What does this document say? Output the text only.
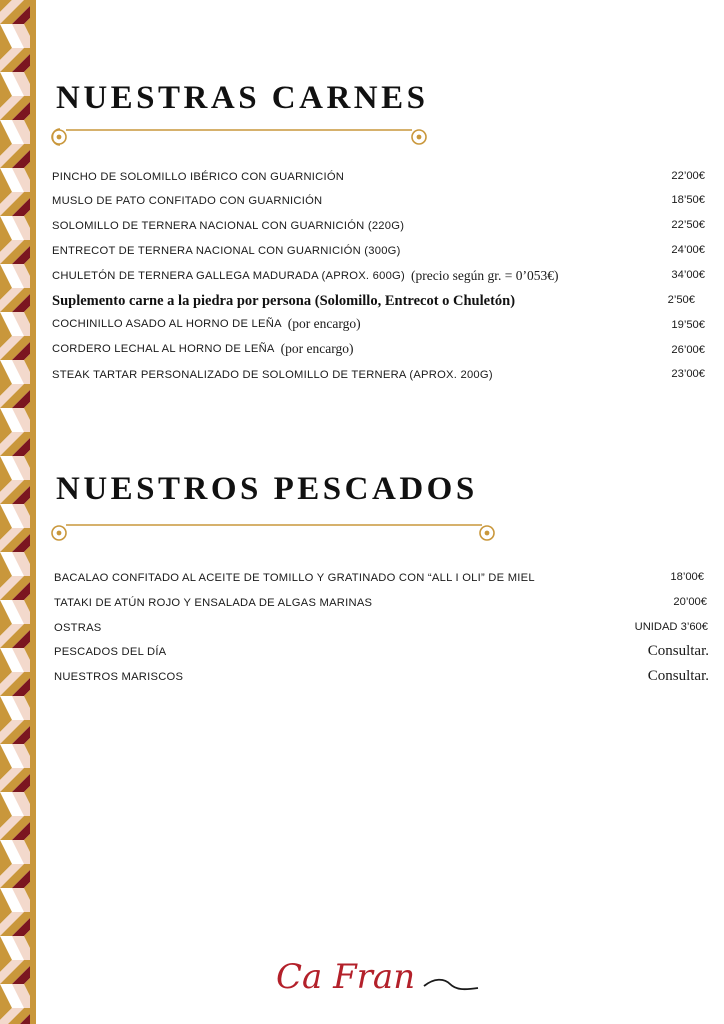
NUESTRAS CARNES
PINCHO DE SOLOMILLO IBÉRICO CON GUARNICIÓN	22’00€
MUSLO DE PATO CONFITADO CON GUARNICIÓN	18’50€
SOLOMILLO DE TERNERA NACIONAL CON GUARNICIÓN (220G)	22’50€
ENTRECOT DE TERNERA NACIONAL CON GUARNICIÓN (300G)	24’00€
CHULETÓN DE TERNERA GALLEGA MADURADA (APROX. 600G) (precio según gr. = 0’053€)	34’00€
Suplemento carne a la piedra por persona (Solomillo, Entrecot o Chuletón)	2’50€
COCHINILLO ASADO AL HORNO DE LEÑA (por encargo)	19’50€
CORDERO LECHAL AL HORNO DE LEÑA (por encargo)	26’00€
STEAK TARTAR PERSONALIZADO DE SOLOMILLO DE TERNERA (APROX. 200G)	23’00€
NUESTROS PESCADOS
BACALAO CONFITADO AL ACEITE DE TOMILLO Y GRATINADO CON “ALL I OLI” DE MIEL	18’00€
TATAKI DE ATÚN ROJO Y ENSALADA DE ALGAS MARINAS	20’00€
OSTRAS	UNIDAD 3’60€
PESCADOS DEL DÍA	Consultar.
NUESTROS MARISCOS	Consultar.
Ca Fran
